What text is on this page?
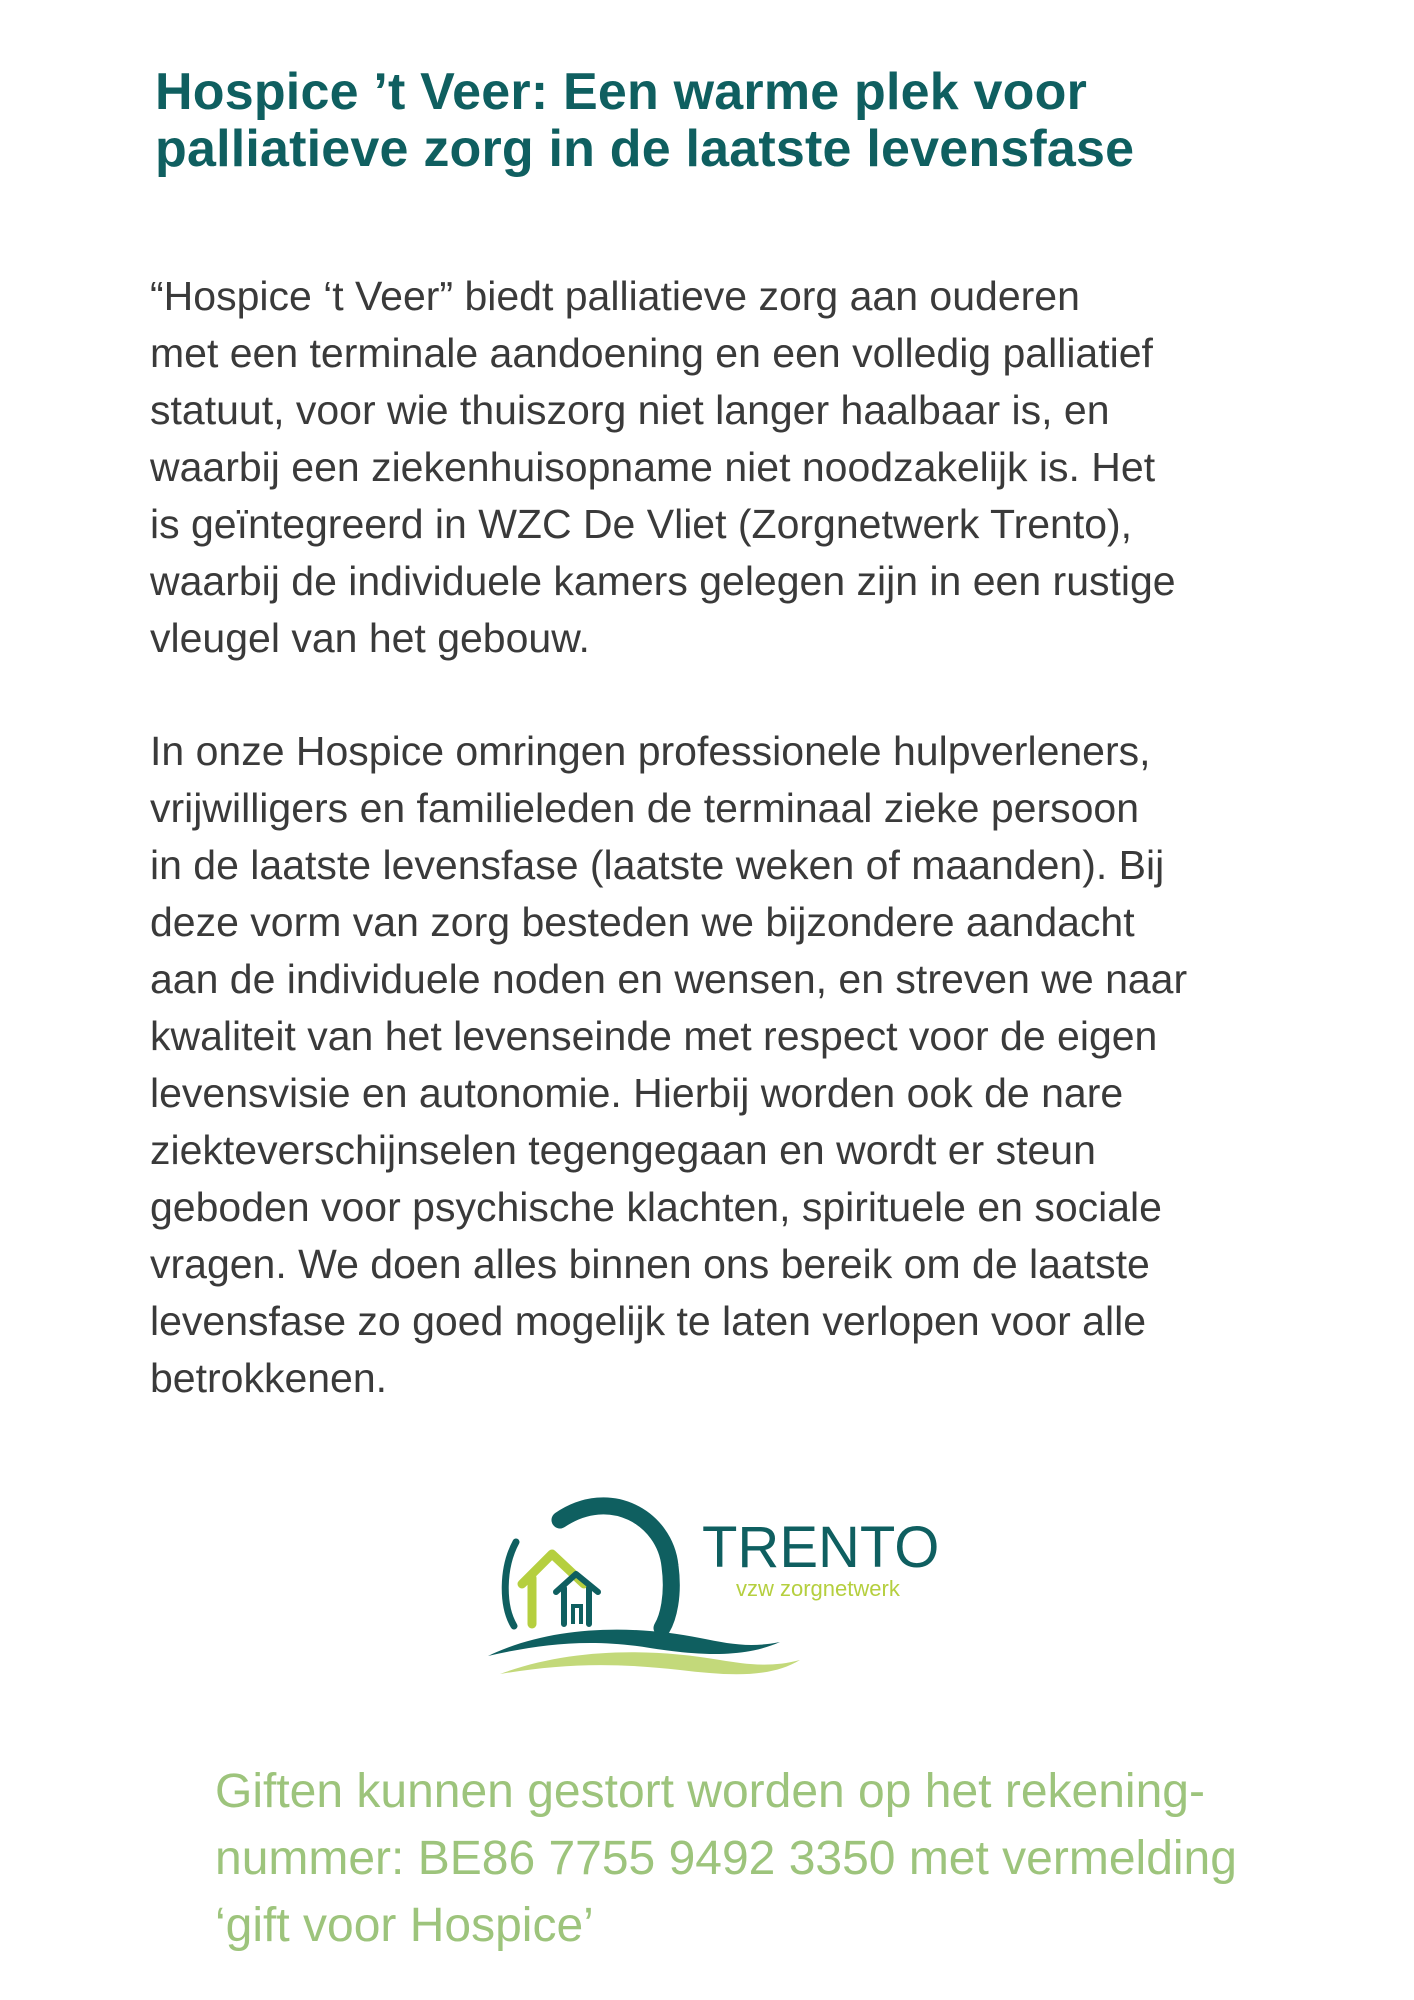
Hospice ’t Veer: Een warme plek voor
palliatieve zorg in de laatste levensfase

“Hospice ‘t Veer” biedt palliatieve zorg aan ouderen
met een terminale aandoening en een volledig palliatief
statuut, voor wie thuiszorg niet langer haalbaar is, en
waarbij een ziekenhuisopname niet noodzakelijk is. Het
is geïntegreerd in WZC De Vliet (Zorgnetwerk Trento),
waarbij de individuele kamers gelegen zijn in een rustige
vleugel van het gebouw.

In onze Hospice omringen professionele hulpverleners,
vrijwilligers en familieleden de terminaal zieke persoon
in de laatste levensfase (laatste weken of maanden). Bij
deze vorm van zorg besteden we bijzondere aandacht
aan de individuele noden en wensen, en streven we naar
kwaliteit van het levenseinde met respect voor de eigen
levensvisie en autonomie. Hierbij worden ook de nare
ziekteverschijnselen tegengegaan en wordt er steun
geboden voor psychische klachten, spirituele en sociale
vragen. We doen alles binnen ons bereik om de laatste
levensfase zo goed mogelijk te laten verlopen voor alle
betrokkenen.

TRENTO
vzw zorgnetwerk

Giften kunnen gestort worden op het rekening-
nummer: BE86 7755 9492 3350 met vermelding
‘gift voor Hospice’
